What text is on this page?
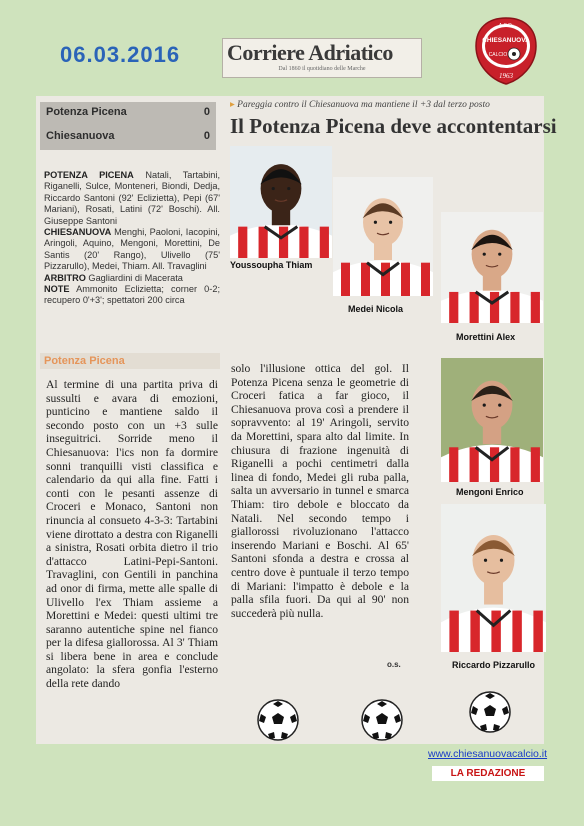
06.03.2016 Corriere Adriatico
Dal 1860 il quotidiano delle Marche
A.S.D.
CHIESANUOVA
CALCIO
1963
Potenza Picena	0
Chiesanuova	0
POTENZA PICENA Natali, Tartabini, Riganelli, Sulce, Monteneri, Biondi, Dedja, Riccardo Santoni (92' Eclizietta), Pepi (67' Mariani), Rosati, Latini (72' Boschi). All. Giuseppe Santoni
CHIESANUOVA Menghi, Paoloni, Iacopini, Aringoli, Aquino, Mengoni, Morettini, De Santis (20' Rango), Ulivello (75' Pizzarullo), Medei, Thiam. All. Travaglini
ARBITRO Gagliardini di Macerata
NOTE Ammonito Eclizietta; corner 0-2; recupero 0'+3'; spettatori 200 circa
Potenza Picena
Al termine di una partita priva di sussulti e avara di emozioni, punticino e mantiene saldo il secondo posto con un +3 sulle inseguitrici. Sorride meno il Chiesanuova: l'ics non fa dormire sonni tranquilli visti classifica e calendario da qui alla fine. Fatti i conti con le pesanti assenze di Croceri e Monaco, Santoni non rinuncia al consueto 4-3-3: Tartabini viene dirottato a destra con Riganelli a sinistra, Rosati orbita dietro il trio d'attacco Latini-Pepi-Santoni. Travaglini, con Gentili in panchina ad onor di firma, mette alle spalle di Ulivello l'ex Thiam assieme a Morettini e Medei: questi ultimi tre saranno autentiche spine nel fianco per la difesa giallorossa. Al 3' Thiam si libera bene in area e conclude angolato: la sfera gonfia l'esterno della rete dando
▸ Pareggia contro il Chiesanuova ma mantiene il +3 dal terzo posto
Il Potenza Picena deve accontentarsi
solo l'illusione ottica del gol. Il Potenza Picena senza le geometrie di Croceri fatica a far gioco, il Chiesanuova prova così a prendere il sopravvento: al 19' Aringoli, servito da Morettini, spara alto dal limite. In chiusura di frazione ingenuità di Riganelli a pochi centimetri dalla linea di fondo, Medei gli ruba palla, salta un avversario in tunnel e smarca Thiam: tiro debole e bloccato da Natali. Nel secondo tempo i giallorossi rivoluzionano l'attacco inserendo Mariani e Boschi. Al 65' Santoni sfonda a destra e crossa al centro dove è puntuale il terzo tempo di Mariani: l'impatto è debole e la palla sfila fuori. Da qui al 90' non succederà più nulla.
o.s.
Youssoupha Thiam
Medei Nicola
Morettini Alex
Mengoni Enrico
Riccardo Pizzarullo
www.chiesanuovacalcio.it
LA REDAZIONE
